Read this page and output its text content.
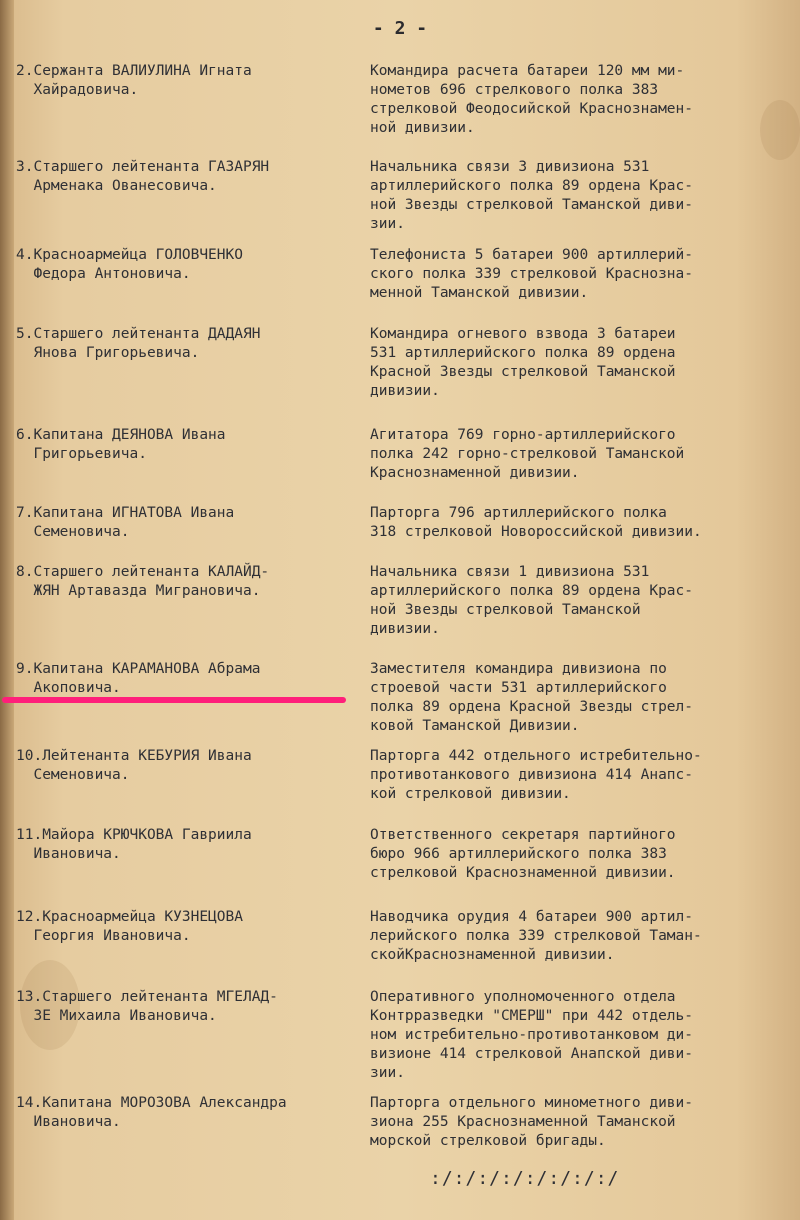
- 2 -
2.Сержанта ВАЛИУЛИНА Игната
Хайрадовича.
Командира расчета батареи 120 мм ми-
нометов 696 стрелкового полка 383
стрелковой Феодосийской Краснознамен-
ной дивизии.
3.Старшего лейтенанта ГАЗАРЯН
Арменака Ованесовича.
Начальника связи 3 дивизиона 531
артиллерийского полка 89 ордена Крас-
ной Звезды стрелковой Таманской диви-
зии.
4.Красноармейца ГОЛОВЧЕНКО
Федора Антоновича.
Телефониста 5 батареи 900 артиллерий-
ского полка 339 стрелковой Краснозна-
менной Таманской дивизии.
5.Старшего лейтенанта ДАДАЯН
Янова Григорьевича.
Командира огневого взвода 3 батареи
531 артиллерийского полка 89 ордена
Красной Звезды стрелковой Таманской
дивизии.
6.Капитана ДЕЯНОВА Ивана
Григорьевича.
Агитатора 769 горно-артиллерийского
полка 242 горно-стрелковой Таманской
Краснознаменной дивизии.
7.Капитана ИГНАТОВА Ивана
Семеновича.
Парторга 796 артиллерийского полка
318 стрелковой Новороссийской дивизии.
8.Старшего лейтенанта КАЛАЙД-
ЖЯН Артавазда Миграновича.
Начальника связи 1 дивизиона 531
артиллерийского полка 89 ордена Крас-
ной Звезды стрелковой Таманской
дивизии.
9.Капитана КАРАМАНОВА Абрама
Акоповича.
Заместителя командира дивизиона по
строевой части 531 артиллерийского
полка 89 ордена Красной Звезды стрел-
ковой Таманской Дивизии.
10.Лейтенанта КЕБУРИЯ Ивана
Семеновича.
Парторга 442 отдельного истребительно-
противотанкового дивизиона 414 Анапс-
кой стрелковой дивизии.
11.Майора КРЮЧКОВА Гавриила
Ивановича.
Ответственного секретаря партийного
бюро 966 артиллерийского полка 383
стрелковой Краснознаменной дивизии.
12.Красноармейца КУЗНЕЦОВА
Георгия Ивановича.
Наводчика орудия 4 батареи 900 артил-
лерийского полка 339 стрелковой Таман-
скойКраснознаменной дивизии.
13.Старшего лейтенанта МГЕЛАД-
ЗЕ Михаила Ивановича.
Оперативного уполномоченного отдела
Контрразведки "СМЕРШ" при 442 отдель-
ном истребительно-противотанковом ди-
визионе 414 стрелковой Анапской диви-
зии.
14.Капитана МОРОЗОВА Александра
Ивановича.
Парторга отдельного минометного диви-
зиона 255 Краснознаменной Таманской
морской стрелковой бригады.
:/:/:/:/:/:/:/:/
